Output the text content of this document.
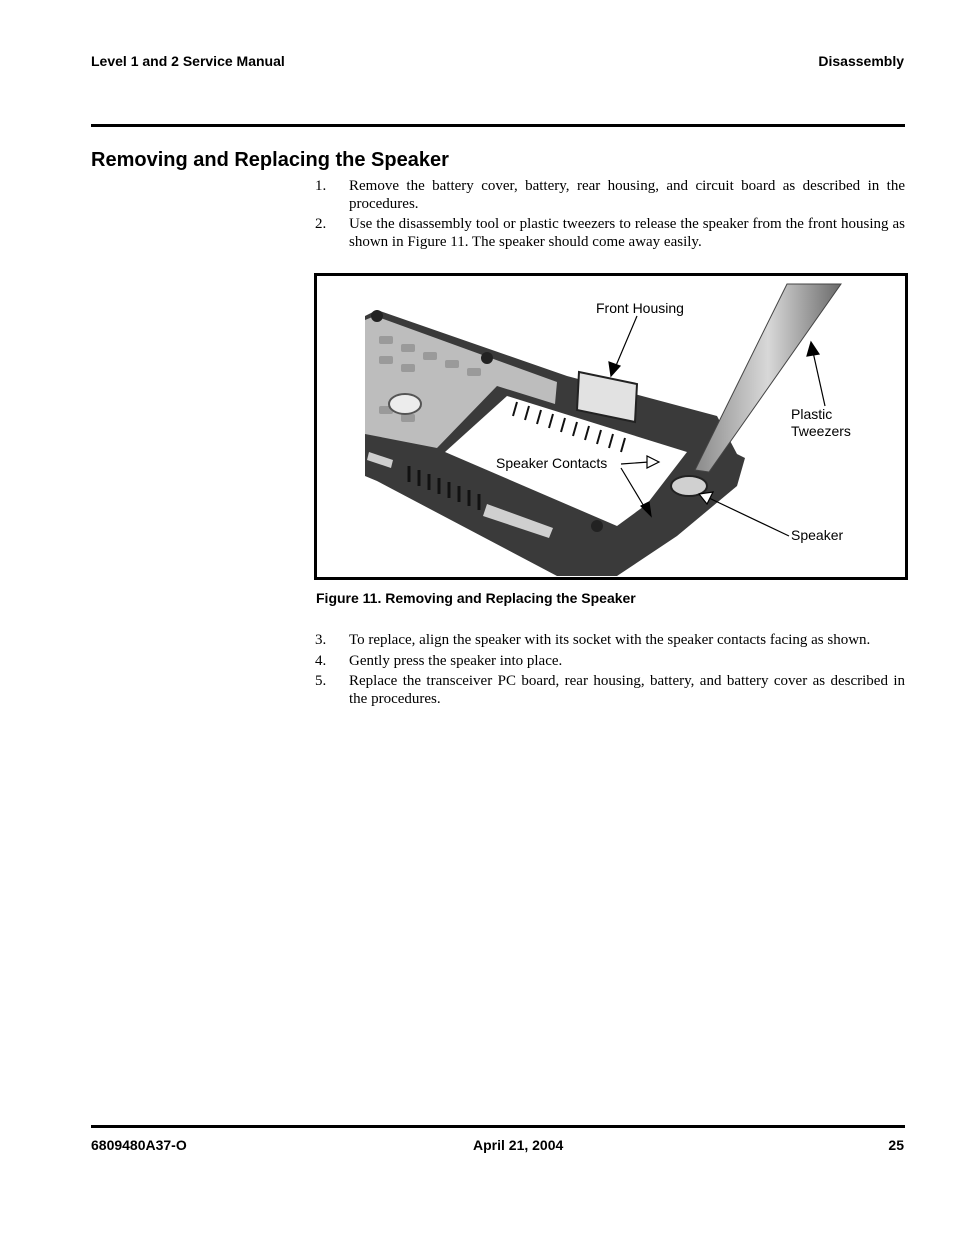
Level 1 and 2 Service Manual	Disassembly
Removing and Replacing the Speaker
1. Remove the battery cover, battery, rear housing, and circuit board as described in the procedures.
2. Use the disassembly tool or plastic tweezers to release the speaker from the front housing as shown in Figure 11. The speaker should come away easily.
Front Housing
Plastic
Tweezers
Speaker Contacts
Speaker
Figure 11. Removing and Replacing the Speaker
3. To replace, align the speaker with its socket with the speaker contacts facing as shown.
4. Gently press the speaker into place.
5. Replace the transceiver PC board, rear housing, battery, and battery cover as described in the procedures.
6809480A37-O	April 21, 2004	25
